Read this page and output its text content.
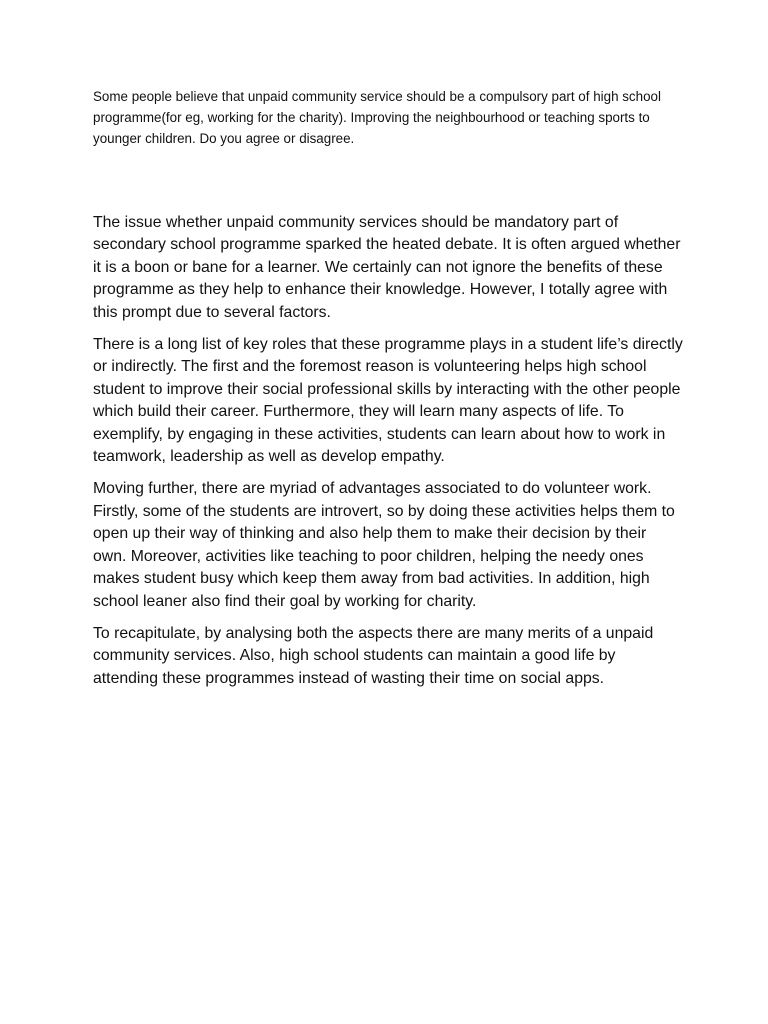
Some people believe that unpaid community service should be a compulsory part of high school programme(for eg, working for the charity). Improving the neighbourhood or teaching sports to younger children. Do you agree or disagree.

The issue whether unpaid community services should be mandatory part of secondary school programme sparked the heated debate. It is often argued whether it is a boon or bane for a learner. We certainly can not ignore the benefits of these programme as they help to enhance their knowledge. However, I totally agree with this prompt due to several factors.

There is a long list of key roles that these programme plays in a student life’s directly or indirectly. The first and the foremost reason is volunteering helps high school student to improve their social professional skills by interacting with the other people which build their career. Furthermore, they will learn many aspects of life. To exemplify, by engaging in these activities, students can learn about how to work in teamwork, leadership as well as develop empathy.

Moving further, there are myriad of advantages associated to do volunteer work. Firstly, some of the students are introvert, so by doing these activities helps them to open up their way of thinking and also help them to make their decision by their own. Moreover, activities like teaching to poor children, helping the needy ones makes student busy which keep them away from bad activities. In addition, high school leaner also find their goal by working for charity.

To recapitulate, by analysing both the aspects there are many merits of a unpaid community services. Also, high school students can maintain a good life by attending these programmes instead of wasting their time on social apps.
